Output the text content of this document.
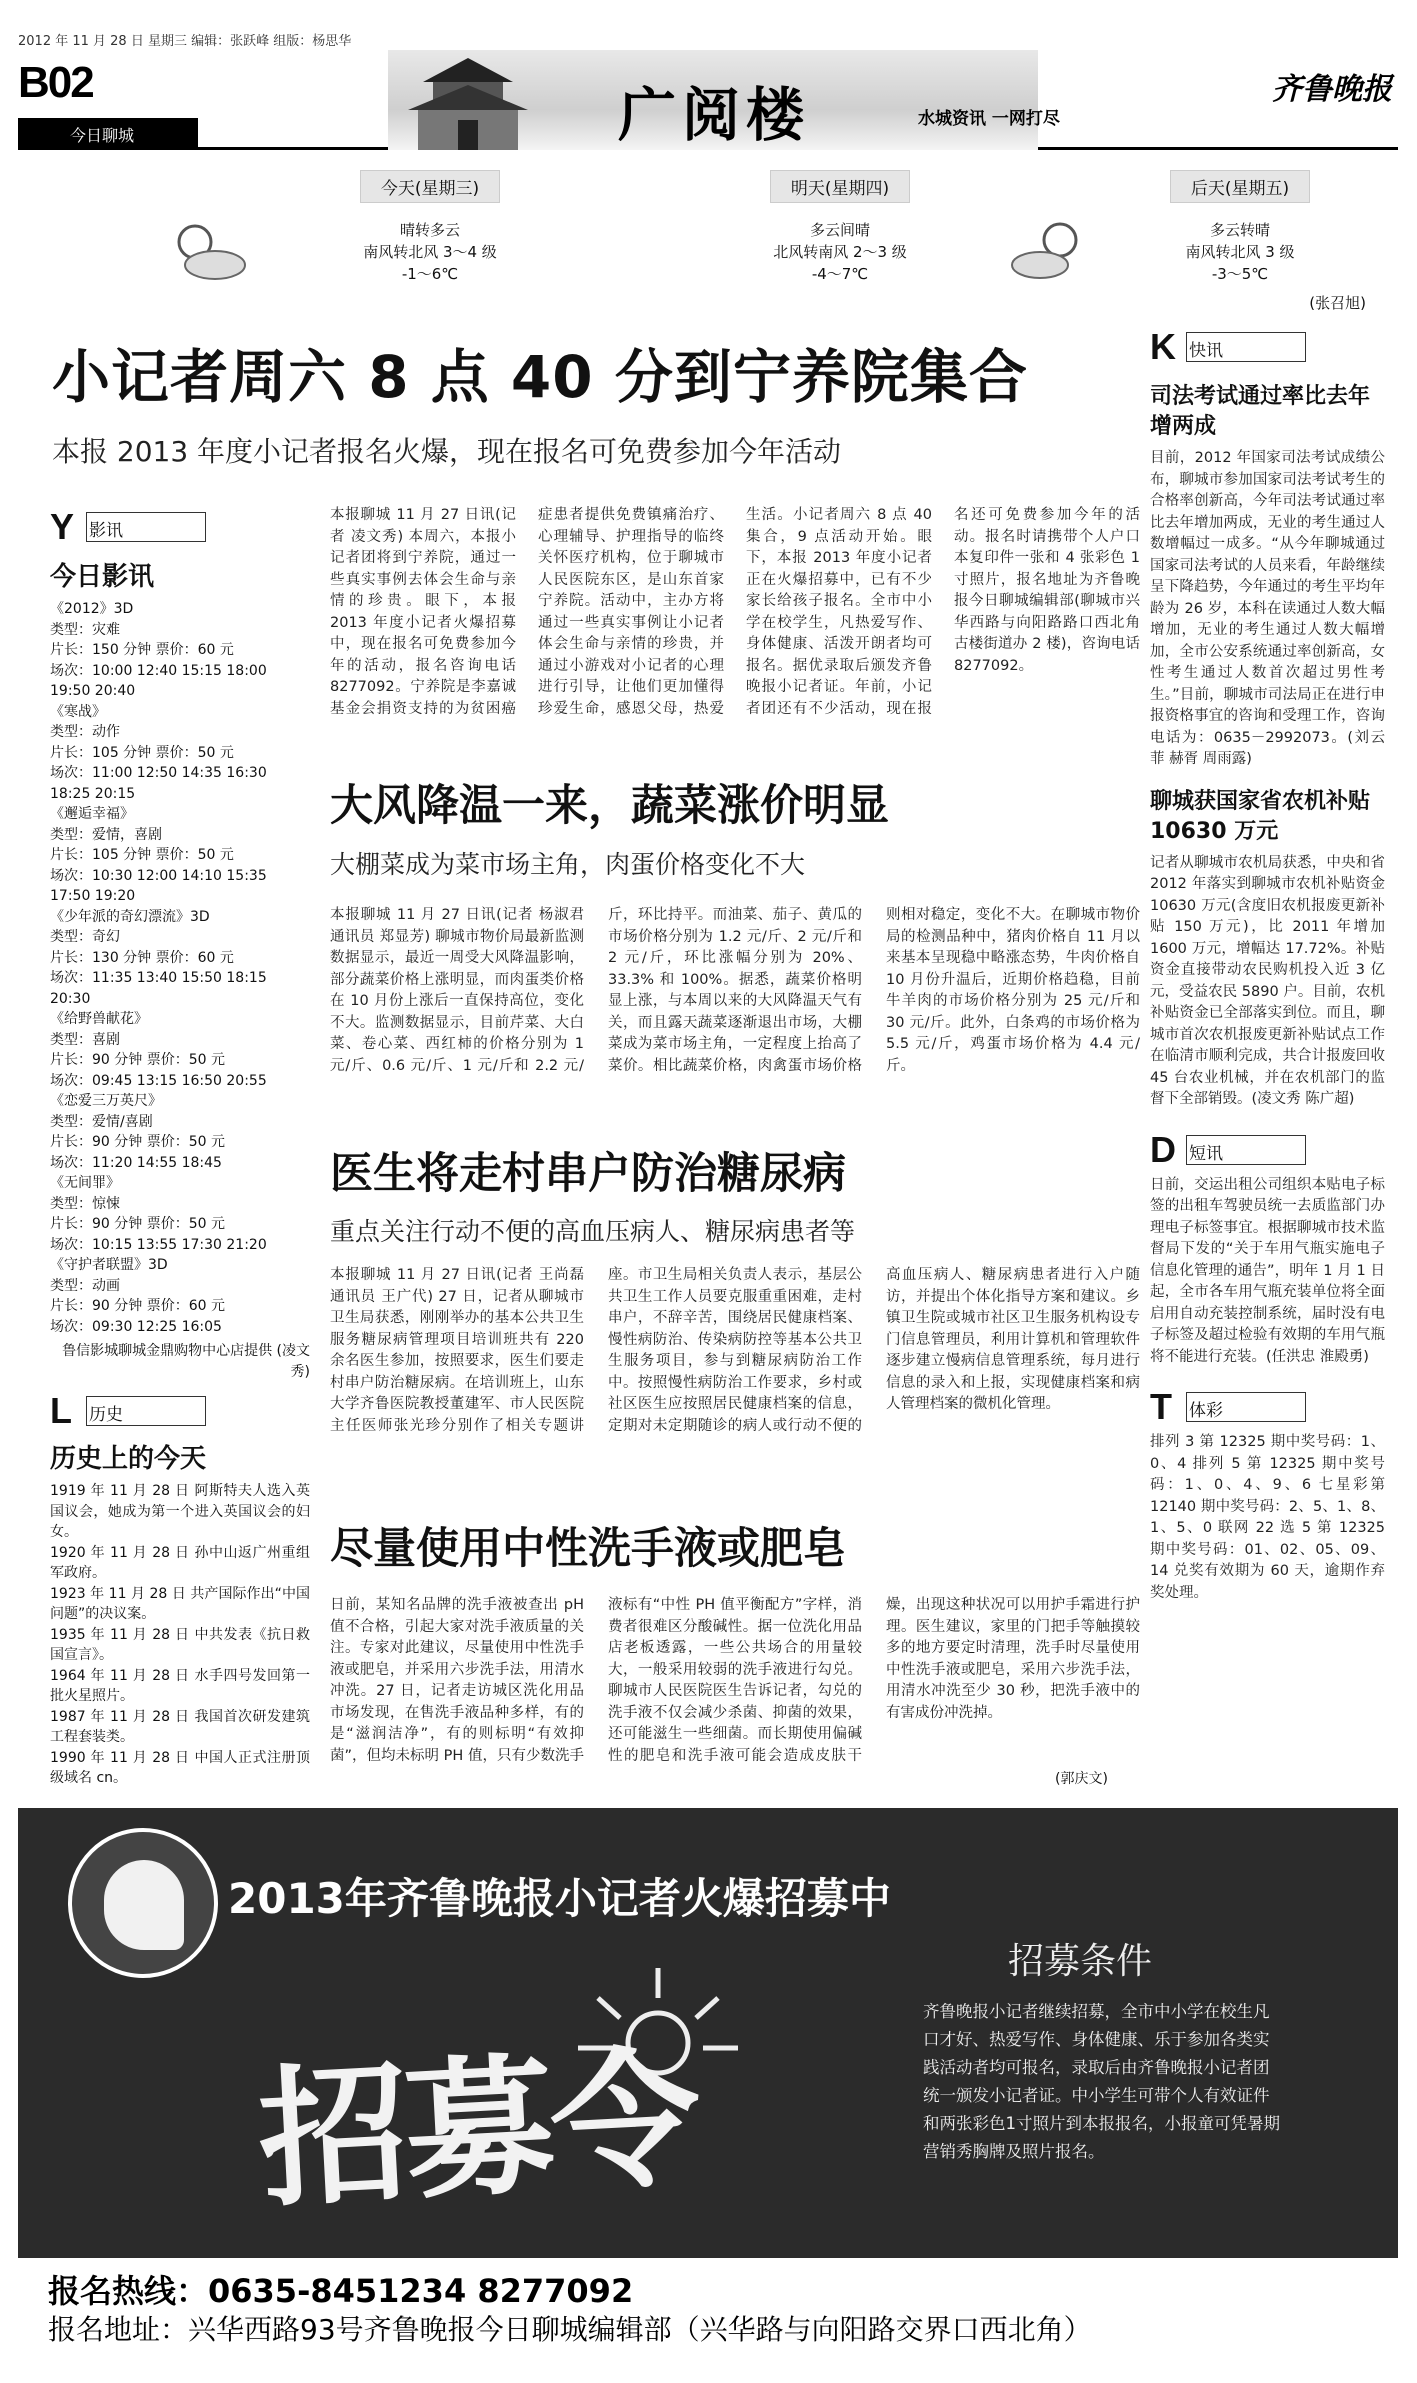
2012 年 11 月 28 日 星期三 编辑：张跃峰 组版：杨思华
B02
今日聊城	广阅楼	水城资讯 一网打尽
齐鲁晚报
今天(星期三)
晴转多云
南风转北风 3～4 级
-1～6℃
明天(星期四)
多云间晴
北风转南风 2～3 级
-4～7℃
后天(星期五)
多云转晴
南风转北风 3 级
-3～5℃
(张召旭)
小记者周六 8 点 40 分到宁养院集合
本报 2013 年度小记者报名火爆，现在报名可免费参加今年活动
本报聊城 11 月 27 日讯(记者 凌文秀) 本周六，本报小记者团将到宁养院，通过一些真实事例去体会生命与亲情的珍贵。眼下，本报 2013 年度小记者火爆招募中，现在报名可免费参加今年的活动，报名咨询电话 8277092。宁养院是李嘉诚基金会捐资支持的为贫困癌症患者提供免费镇痛治疗、心理辅导、护理指导的临终关怀医疗机构，位于聊城市人民医院东区，是山东首家宁养院。活动中，主办方将通过一些真实事例让小记者体会生命与亲情的珍贵，并通过小游戏对小记者的心理进行引导，让他们更加懂得珍爱生命，感恩父母，热爱生活。小记者周六 8 点 40 集合，9 点活动开始。眼下，本报 2013 年度小记者正在火爆招募中，已有不少家长给孩子报名。全市中小学在校学生，凡热爱写作、身体健康、活泼开朗者均可报名。据优录取后颁发齐鲁晚报小记者证。年前，小记者团还有不少活动，现在报名还可免费参加今年的活动。报名时请携带个人户口本复印件一张和 4 张彩色 1 寸照片，报名地址为齐鲁晚报今日聊城编辑部(聊城市兴华西路与向阳路路口西北角古楼街道办 2 楼)，咨询电话 8277092。
Y 影讯
今日影讯
《2012》3D
类型：灾难
片长：150 分钟 票价：60 元
场次：10:00 12:40 15:15 18:00 19:50 20:40
《寒战》
类型：动作
片长：105 分钟 票价：50 元
场次：11:00 12:50 14:35 16:30 18:25 20:15
《邂逅幸福》
类型：爱情，喜剧
片长：105 分钟 票价：50 元
场次：10:30 12:00 14:10 15:35 17:50 19:20
《少年派的奇幻漂流》3D
类型：奇幻
片长：130 分钟 票价：60 元
场次：11:35 13:40 15:50 18:15 20:30
《给野兽献花》
类型：喜剧
片长：90 分钟 票价：50 元
场次：09:45 13:15 16:50 20:55
《恋爱三万英尺》
类型：爱情/喜剧
片长：90 分钟 票价：50 元
场次：11:20 14:55 18:45
《无间罪》
类型：惊悚
片长：90 分钟 票价：50 元
场次：10:15 13:55 17:30 21:20
《守护者联盟》3D
类型：动画
片长：90 分钟 票价：60 元
场次：09:30 12:25 16:05
鲁信影城聊城金鼎购物中心店提供 (凌文秀)
L 历史
历史上的今天
1919 年 11 月 28 日 阿斯特夫人选入英国议会，她成为第一个进入英国议会的妇女。
1920 年 11 月 28 日 孙中山返广州重组军政府。
1923 年 11 月 28 日 共产国际作出“中国问题”的决议案。
1935 年 11 月 28 日 中共发表《抗日救国宣言》。
1964 年 11 月 28 日 水手四号发回第一批火星照片。
1987 年 11 月 28 日 我国首次研发建筑工程套装类。
1990 年 11 月 28 日 中国人正式注册顶级域名 cn。
大风降温一来，蔬菜涨价明显
大棚菜成为菜市场主角，肉蛋价格变化不大
本报聊城 11 月 27 日讯(记者 杨淑君 通讯员 郑显芳) 聊城市物价局最新监测数据显示，最近一周受大风降温影响，部分蔬菜价格上涨明显，而肉蛋类价格在 10 月份上涨后一直保持高位，变化不大。监测数据显示，目前芹菜、大白菜、卷心菜、西红柿的价格分别为 1 元/斤、0.6 元/斤、1 元/斤和 2.2 元/斤，环比持平。而油菜、茄子、黄瓜的市场价格分别为 1.2 元/斤、2 元/斤和 2 元/斤，环比涨幅分别为 20%、33.3% 和 100%。据悉，蔬菜价格明显上涨，与本周以来的大风降温天气有关，而且露天蔬菜逐渐退出市场，大棚菜成为菜市场主角，一定程度上抬高了菜价。相比蔬菜价格，肉禽蛋市场价格则相对稳定，变化不大。在聊城市物价局的检测品种中，猪肉价格自 11 月以来基本呈现稳中略涨态势，牛肉价格自 10 月份升温后，近期价格趋稳，目前牛羊肉的市场价格分别为 25 元/斤和 30 元/斤。此外，白条鸡的市场价格为 5.5 元/斤，鸡蛋市场价格为 4.4 元/斤。
医生将走村串户防治糖尿病
重点关注行动不便的高血压病人、糖尿病患者等
本报聊城 11 月 27 日讯(记者 王尚磊 通讯员 王广代) 27 日，记者从聊城市卫生局获悉，刚刚举办的基本公共卫生服务糖尿病管理项目培训班共有 220 余名医生参加，按照要求，医生们要走村串户防治糖尿病。在培训班上，山东大学齐鲁医院教授董建军、市人民医院主任医师张光珍分别作了相关专题讲座。市卫生局相关负责人表示，基层公共卫生工作人员要克服重重困难，走村串户，不辞辛苦，围绕居民健康档案、慢性病防治、传染病防控等基本公共卫生服务项目，参与到糖尿病防治工作中。按照慢性病防治工作要求，乡村或社区医生应按照居民健康档案的信息，定期对未定期随诊的病人或行动不便的高血压病人、糖尿病患者进行入户随访，并提出个体化指导方案和建议。乡镇卫生院或城市社区卫生服务机构设专门信息管理员，利用计算机和管理软件逐步建立慢病信息管理系统，每月进行信息的录入和上报，实现健康档案和病人管理档案的微机化管理。
尽量使用中性洗手液或肥皂
日前，某知名品牌的洗手液被查出 pH 值不合格，引起大家对洗手液质量的关注。专家对此建议，尽量使用中性洗手液或肥皂，并采用六步洗手法，用清水冲洗。27 日，记者走访城区洗化用品市场发现，在售洗手液品种多样，有的是“滋润洁净”，有的则标明“有效抑菌”，但均未标明 PH 值，只有少数洗手液标有“中性 PH 值平衡配方”字样，消费者很难区分酸碱性。据一位洗化用品店老板透露，一些公共场合的用量较大，一般采用较弱的洗手液进行勾兑。聊城市人民医院医生告诉记者，勾兑的洗手液不仅会减少杀菌、抑菌的效果，还可能滋生一些细菌。而长期使用偏碱性的肥皂和洗手液可能会造成皮肤干燥，出现这种状况可以用护手霜进行护理。医生建议，家里的门把手等触摸较多的地方要定时清理，洗手时尽量使用中性洗手液或肥皂，采用六步洗手法，用清水冲洗至少 30 秒，把洗手液中的有害成份冲洗掉。
(郭庆文)
K 快讯
司法考试通过率比去年增两成
目前，2012 年国家司法考试成绩公布，聊城市参加国家司法考试考生的合格率创新高，今年司法考试通过率比去年增加两成，无业的考生通过人数增幅过一成多。“从今年聊城通过国家司法考试的人员来看，年龄继续呈下降趋势，今年通过的考生平均年龄为 26 岁，本科在读通过人数大幅增加，无业的考生通过人数大幅增加，全市公安系统通过率创新高，女性考生通过人数首次超过男性考生。”目前，聊城市司法局正在进行申报资格事宜的咨询和受理工作，咨询电话为：0635－2992073。(刘云菲 赫胥 周雨露)
聊城获国家省农机补贴 10630 万元
记者从聊城市农机局获悉，中央和省 2012 年落实到聊城市农机补贴资金 10630 万元(含度旧农机报废更新补贴 150 万元)，比 2011 年增加 1600 万元，增幅达 17.72%。补贴资金直接带动农民购机投入近 3 亿元，受益农民 5890 户。目前，农机补贴资金已全部落实到位。而且，聊城市首次农机报废更新补贴试点工作在临清市顺利完成，共合计报废回收 45 台农业机械，并在农机部门的监督下全部销毁。(凌文秀 陈广超)
D 短讯
日前，交运出租公司组织本贴电子标签的出租车驾驶员统一去质监部门办理电子标签事宜。根据聊城市技术监督局下发的“关于车用气瓶实施电子信息化管理的通告”，明年 1 月 1 日起，全市各车用气瓶充装单位将全面启用自动充装控制系统，届时没有电子标签及超过检验有效期的车用气瓶将不能进行充装。(任洪忠 淮殿勇)
T 体彩
排列 3 第 12325 期中奖号码：1、0、4 排列 5 第 12325 期中奖号码：1、0、4、9、6 七星彩第 12140 期中奖号码：2、5、1、8、1、5、0 联网 22 选 5 第 12325 期中奖号码：01、02、05、09、14 兑奖有效期为 60 天，逾期作弃奖处理。
2013年齐鲁晚报小记者火爆招募中
招募令
招募条件
齐鲁晚报小记者继续招募，全市中小学在校生凡口才好、热爱写作、身体健康、乐于参加各类实践活动者均可报名，录取后由齐鲁晚报小记者团统一颁发小记者证。中小学生可带个人有效证件和两张彩色1寸照片到本报报名，小报童可凭暑期营销秀胸牌及照片报名。
报名热线：0635-8451234 8277092
报名地址：兴华西路93号齐鲁晚报今日聊城编辑部（兴华路与向阳路交界口西北角）
